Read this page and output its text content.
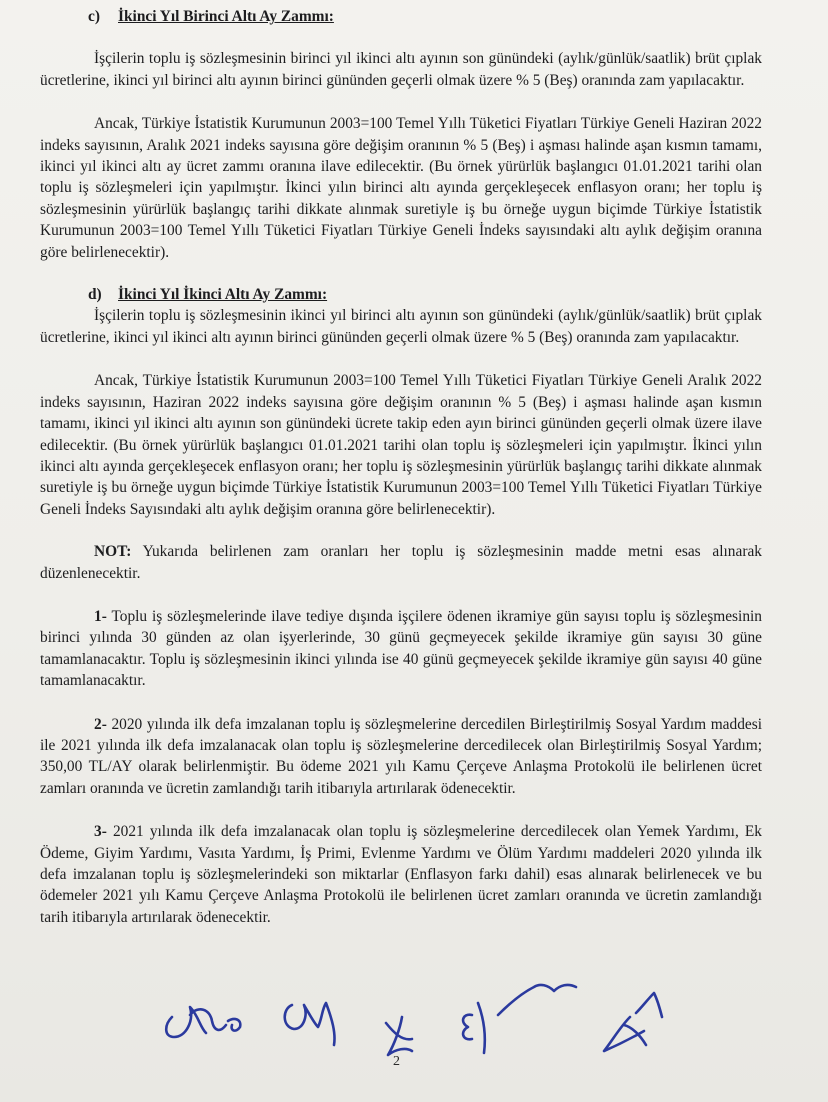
c) İkinci Yıl Birinci Altı Ay Zammı:

İşçilerin toplu iş sözleşmesinin birinci yıl ikinci altı ayının son günündeki (aylık/günlük/saatlik) brüt çıplak ücretlerine, ikinci yıl birinci altı ayının birinci gününden geçerli olmak üzere % 5 (Beş) oranında zam yapılacaktır.

Ancak, Türkiye İstatistik Kurumunun 2003=100 Temel Yıllı Tüketici Fiyatları Türkiye Geneli Haziran 2022 indeks sayısının, Aralık 2021 indeks sayısına göre değişim oranının % 5 (Beş) i aşması halinde aşan kısmın tamamı, ikinci yıl ikinci altı ay ücret zammı oranına ilave edilecektir. (Bu örnek yürürlük başlangıcı 01.01.2021 tarihi olan toplu iş sözleşmeleri için yapılmıştır. İkinci yılın birinci altı ayında gerçekleşecek enflasyon oranı; her toplu iş sözleşmesinin yürürlük başlangıç tarihi dikkate alınmak suretiyle iş bu örneğe uygun biçimde Türkiye İstatistik Kurumunun 2003=100 Temel Yıllı Tüketici Fiyatları Türkiye Geneli İndeks sayısındaki altı aylık değişim oranına göre belirlenecektir).

d) İkinci Yıl İkinci Altı Ay Zammı:

İşçilerin toplu iş sözleşmesinin ikinci yıl birinci altı ayının son günündeki (aylık/günlük/saatlik) brüt çıplak ücretlerine, ikinci yıl ikinci altı ayının birinci gününden geçerli olmak üzere % 5 (Beş) oranında zam yapılacaktır.

Ancak, Türkiye İstatistik Kurumunun 2003=100 Temel Yıllı Tüketici Fiyatları Türkiye Geneli Aralık 2022 indeks sayısının, Haziran 2022 indeks sayısına göre değişim oranının % 5 (Beş) i aşması halinde aşan kısmın tamamı, ikinci yıl ikinci altı ayının son günündeki ücrete takip eden ayın birinci gününden geçerli olmak üzere ilave edilecektir. (Bu örnek yürürlük başlangıcı 01.01.2021 tarihi olan toplu iş sözleşmeleri için yapılmıştır. İkinci yılın ikinci altı ayında gerçekleşecek enflasyon oranı; her toplu iş sözleşmesinin yürürlük başlangıç tarihi dikkate alınmak suretiyle iş bu örneğe uygun biçimde Türkiye İstatistik Kurumunun 2003=100 Temel Yıllı Tüketici Fiyatları Türkiye Geneli İndeks Sayısındaki altı aylık değişim oranına göre belirlenecektir).

NOT: Yukarıda belirlenen zam oranları her toplu iş sözleşmesinin madde metni esas alınarak düzenlenecektir.

1- Toplu iş sözleşmelerinde ilave tediye dışında işçilere ödenen ikramiye gün sayısı toplu iş sözleşmesinin birinci yılında 30 günden az olan işyerlerinde, 30 günü geçmeyecek şekilde ikramiye gün sayısı 30 güne tamamlanacaktır. Toplu iş sözleşmesinin ikinci yılında ise 40 günü geçmeyecek şekilde ikramiye gün sayısı 40 güne tamamlanacaktır.

2- 2020 yılında ilk defa imzalanan toplu iş sözleşmelerine dercedilen Birleştirilmiş Sosyal Yardım maddesi ile 2021 yılında ilk defa imzalanacak olan toplu iş sözleşmelerine dercedilecek olan Birleştirilmiş Sosyal Yardım; 350,00 TL/AY olarak belirlenmiştir. Bu ödeme 2021 yılı Kamu Çerçeve Anlaşma Protokolü ile belirlenen ücret zamları oranında ve ücretin zamlandığı tarih itibarıyla artırılarak ödenecektir.

3- 2021 yılında ilk defa imzalanacak olan toplu iş sözleşmelerine dercedilecek olan Yemek Yardımı, Ek Ödeme, Giyim Yardımı, Vasıta Yardımı, İş Primi, Evlenme Yardımı ve Ölüm Yardımı maddeleri 2020 yılında ilk defa imzalanan toplu iş sözleşmelerindeki son miktarlar (Enflasyon farkı dahil) esas alınarak belirlenecek ve bu ödemeler 2021 yılı Kamu Çerçeve Anlaşma Protokolü ile belirlenen ücret zamları oranında ve ücretin zamlandığı tarih itibarıyla artırılarak ödenecektir.

2
